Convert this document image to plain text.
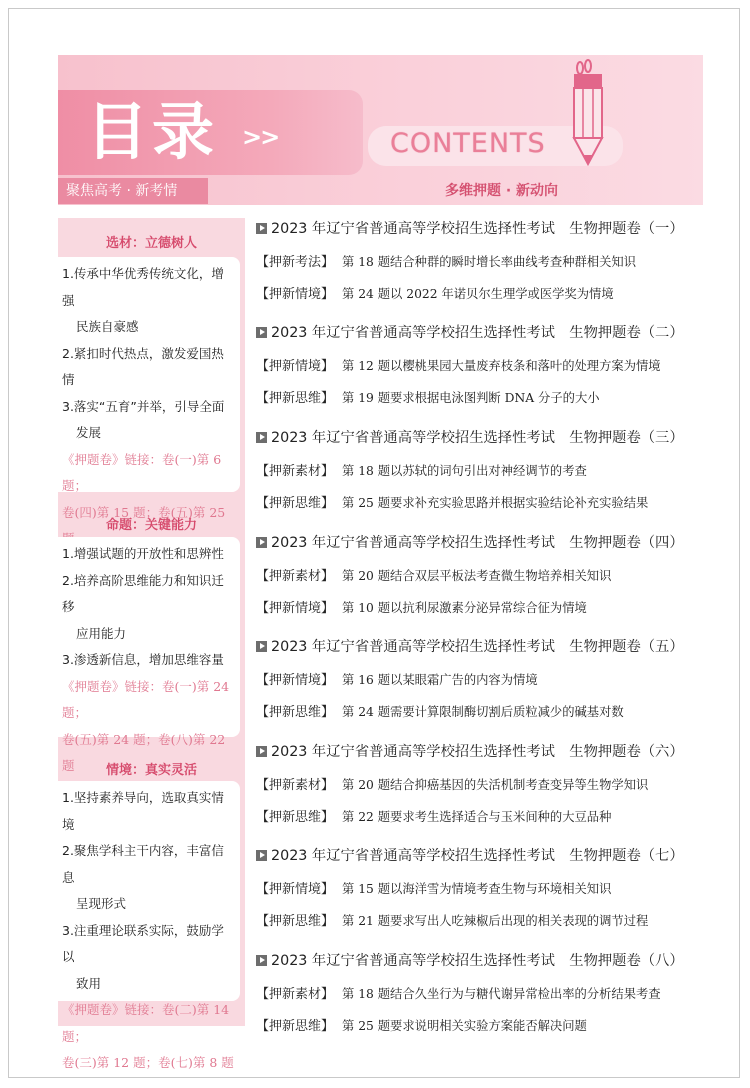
目录 >>	CONTENTS
聚焦高考 · 新考情	多维押题 · 新动向
选材：立德树人
1.传承中华优秀传统文化，增强
民族自豪感
2.紧扣时代热点，激发爱国热情
3.落实“五育”并举，引导全面
发展
《押题卷》链接：卷(一)第 6 题；
卷(四)第 15 题；卷(五)第 25
命题：关键能力
1.增强试题的开放性和思辨性
2.培养高阶思维能力和知识迁移
应用能力
3.渗透新信息，增加思维容量
《押题卷》链接：卷(一)第 24 题；
卷(五)第 24 题；卷(八)第 22 题	情境：真实灵活
1.坚持素养导向，选取真实情境
2.聚焦学科主干内容，丰富信息
呈现形式
3.注重理论联系实际，鼓励学以
致用
《押题卷》链接：卷(二)第 14 题；
卷(三)第 12 题；卷(七)第 8 题
2023 年辽宁省普通高等学校招生选择性考试　生物押题卷（一）
【押新考法】 第 18 题结合种群的瞬时增长率曲线考查种群相关知识
【押新情境】 第 24 题以 2022 年诺贝尔生理学或医学奖为情境
2023 年辽宁省普通高等学校招生选择性考试　生物押题卷（二）
【押新情境】 第 12 题以樱桃果园大量废弃枝条和落叶的处理方案为情境
【押新思维】 第 19 题要求根据电泳图判断 DNA 分子的大小
2023 年辽宁省普通高等学校招生选择性考试　生物押题卷（三）
【押新素材】 第 18 题以苏轼的词句引出对神经调节的考查
【押新思维】 第 25 题要求补充实验思路并根据实验结论补充实验结果
2023 年辽宁省普通高等学校招生选择性考试　生物押题卷（四）
【押新素材】 第 20 题结合双层平板法考查微生物培养相关知识
【押新情境】 第 10 题以抗利尿激素分泌异常综合征为情境
2023 年辽宁省普通高等学校招生选择性考试　生物押题卷（五）
【押新情境】 第 16 题以某眼霜广告的内容为情境
【押新思维】 第 24 题需要计算限制酶切割后质粒减少的碱基对数
2023 年辽宁省普通高等学校招生选择性考试　生物押题卷（六）
【押新素材】 第 20 题结合抑癌基因的失活机制考查变异等生物学知识
【押新思维】 第 22 题要求考生选择适合与玉米间种的大豆品种
2023 年辽宁省普通高等学校招生选择性考试　生物押题卷（七）
【押新情境】 第 15 题以海洋雪为情境考查生物与环境相关知识
【押新思维】 第 21 题要求写出人吃辣椒后出现的相关表现的调节过程
2023 年辽宁省普通高等学校招生选择性考试　生物押题卷（八）
【押新素材】 第 18 题结合久坐行为与糖代谢异常检出率的分析结果考查
【押新思维】 第 25 题要求说明相关实验方案能否解决问题
